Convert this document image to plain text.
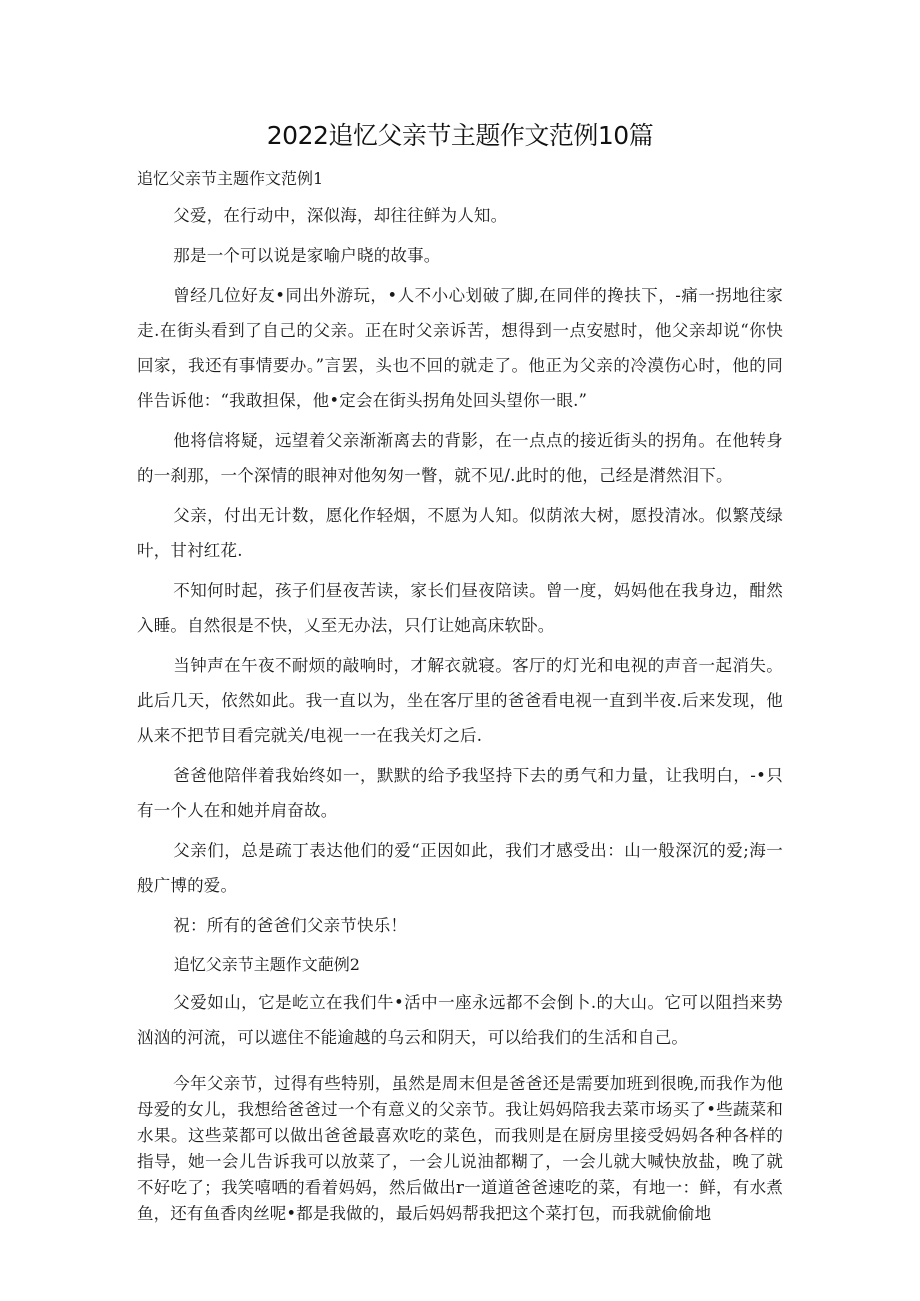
2022追忆父亲节主题作文范例10篇
追忆父亲节主题作文范例1

父爱，在行动中，深似海，却往往鲜为人知。

那是一个可以说是家喻户晓的故事。

曾经几位好友•同出外游玩，•人不小心划破了脚,在同伴的搀扶下，-痛一拐地往家走.在街头看到了自己的父亲。正在时父亲诉苦，想得到一点安慰时，他父亲却说“你快回家，我还有事情要办。”言罢，头也不回的就走了。他正为父亲的冷漠伤心时，他的同伴告诉他：“我敢担保，他•定会在街头拐角处回头望你一眼.”

他将信将疑，远望着父亲渐渐离去的背影，在一点点的接近街头的拐角。在他转身的一刹那，一个深情的眼神对他匆匆一瞥，就不见/.此时的他，己经是潸然泪下。

父亲，付出无计数，愿化作轻烟，不愿为人知。似荫浓大树，愿投清冰。似繁茂绿叶，甘衬红花.

不知何时起，孩子们昼夜苦读，家长们昼夜陪读。曾一度，妈妈他在我身边，酣然入睡。自然很是不快，乂至无办法，只仃让她高床软卧。

当钟声在午夜不耐烦的敲响时，才解衣就寝。客厅的灯光和电视的声音一起消失。此后几天，依然如此。我一直以为，坐在客厅里的爸爸看电视一直到半夜.后来发现，他从来不把节目看完就关/电视一一在我关灯之后.

爸爸他陪伴着我始终如一，默默的给予我坚持下去的勇气和力量，让我明白，-•只有一个人在和她并肩奋故。

父亲们，总是疏丁表达他们的爱“正因如此，我们才感受出：山一般深沉的爱;海一般广博的爱。

祝：所有的爸爸们父亲节快乐！

追忆父亲节主题作文葩例2

父爱如山，它是屹立在我们牛•活中一座永远都不会倒卜.的大山。它可以阻挡来势汹汹的河流，可以遮住不能逾越的乌云和阴天，可以给我们的生活和自己。

今年父亲节，过得有些特别，虽然是周末但是爸爸还是需要加班到很晚,而我作为他母爱的女儿，我想给爸爸过一个有意义的父亲节。我让妈妈陪我去菜市场买了•些蔬菜和水果。这些菜都可以做出爸爸最喜欢吃的菜色，而我则是在厨房里接受妈妈各种各样的指导，她一会儿告诉我可以放菜了，一会儿说油都糊了，一会儿就大喊快放盐，晚了就不好吃了；我笑嘻哂的看着妈妈，然后做出r一道道爸爸速吃的菜，有地一：鲜，有水煮鱼，还有鱼香肉丝呢•都是我做的，最后妈妈帮我把这个菜打包，而我就偷偷地
